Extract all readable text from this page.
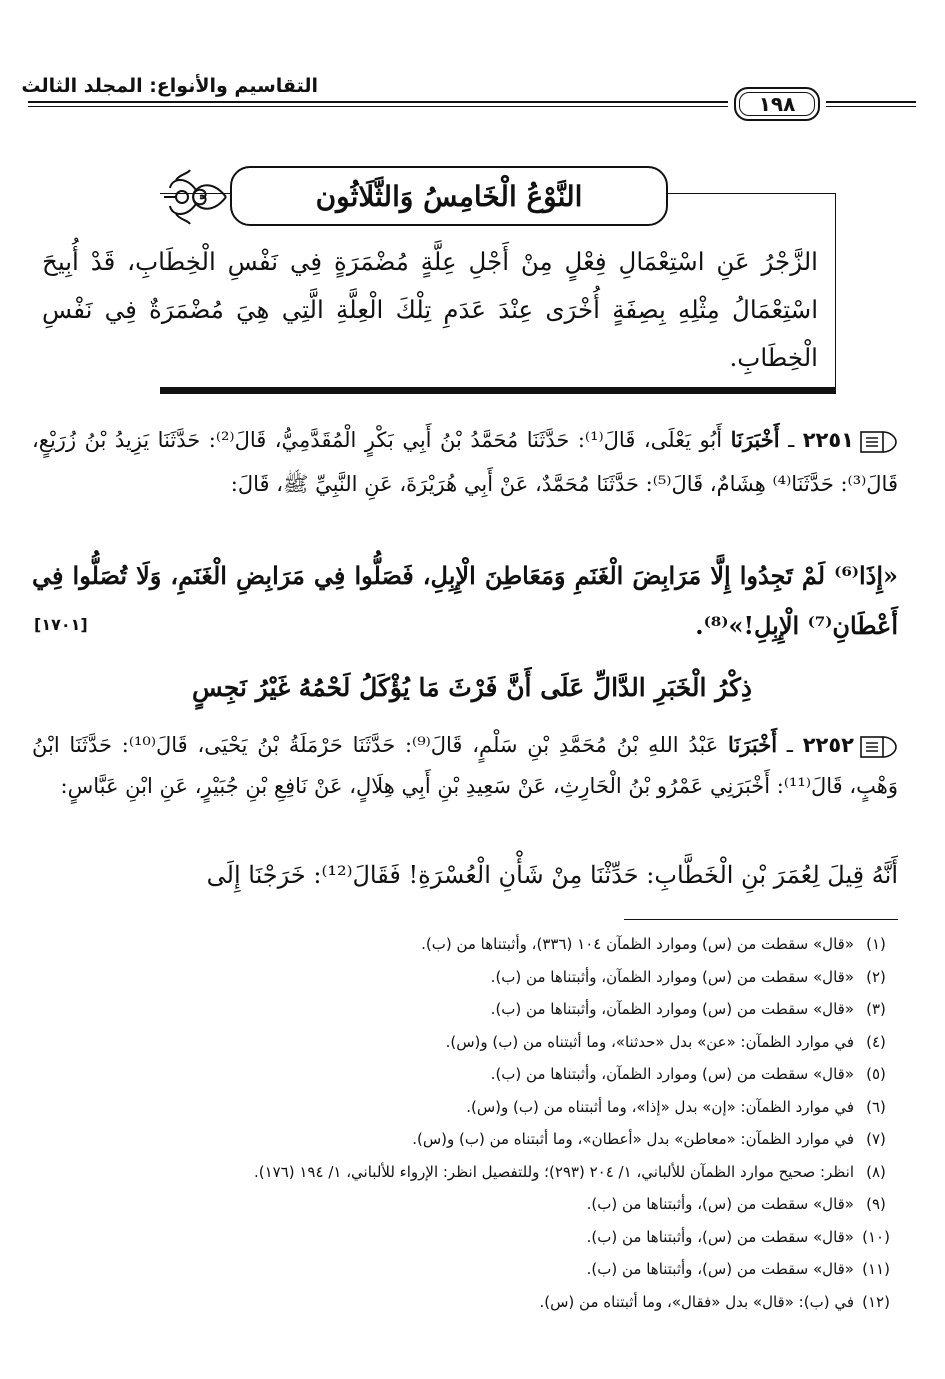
التقاسيم والأنواع: المجلد الثالث
١٩٨
النَّوْعُ الْخَامِسُ وَالثَّلَاثُون
الزَّجْرُ عَنِ اسْتِعْمَالِ فِعْلٍ مِنْ أَجْلِ عِلَّةٍ مُضْمَرَةٍ فِي نَفْسِ الْخِطَابِ، قَدْ أُبِيحَ اسْتِعْمَالُ مِثْلِهِ بِصِفَةٍ أُخْرَى عِنْدَ عَدَمِ تِلْكَ الْعِلَّةِ الَّتِي هِيَ مُضْمَرَةٌ فِي نَفْسِ الْخِطَابِ.
٢٢٥١ ـ أَخْبَرَنَا أَبُو يَعْلَى، قَالَ⁽¹⁾: حَدَّثَنَا مُحَمَّدُ بْنُ أَبِي بَكْرٍ الْمُقَدَّمِيُّ، قَالَ⁽²⁾: حَدَّثَنَا يَزِيدُ بْنُ زُرَيْعٍ، قَالَ⁽³⁾: حَدَّثَنَا⁽⁴⁾ هِشَامٌ، قَالَ⁽⁵⁾: حَدَّثَنَا مُحَمَّدٌ، عَنْ أَبِي هُرَيْرَةَ، عَنِ النَّبِيِّ ﷺ، قَالَ:
«إِذَا⁽⁶⁾ لَمْ تَجِدُوا إِلَّا مَرَابِضَ الْغَنَمِ وَمَعَاطِنَ الْإِبِلِ، فَصَلُّوا فِي مَرَابِضِ الْغَنَمِ، وَلَا تُصَلُّوا فِي أَعْطَانِ⁽⁷⁾ الْإِبِلِ!»⁽⁸⁾.
[١٧٠١]
ذِكْرُ الْخَبَرِ الدَّالِّ عَلَى أَنَّ فَرْثَ مَا يُؤْكَلُ لَحْمُهُ غَيْرُ نَجِسٍ
٢٢٥٢ ـ أَخْبَرَنَا عَبْدُ اللهِ بْنُ مُحَمَّدِ بْنِ سَلْمٍ، قَالَ⁽⁹⁾: حَدَّثَنَا حَرْمَلَةُ بْنُ يَحْيَى، قَالَ⁽¹⁰⁾: حَدَّثَنَا ابْنُ وَهْبٍ، قَالَ⁽¹¹⁾: أَخْبَرَنِي عَمْرُو بْنُ الْحَارِثِ، عَنْ سَعِيدِ بْنِ أَبِي هِلَالٍ، عَنْ نَافِعِ بْنِ جُبَيْرٍ، عَنِ ابْنِ عَبَّاسٍ:
أَنَّهُ قِيلَ لِعُمَرَ بْنِ الْخَطَّابِ: حَدِّثْنَا مِنْ شَأْنِ الْعُسْرَةِ! فَقَالَ⁽¹²⁾: خَرَجْنَا إِلَى
(١)
«قال» سقطت من (س) وموارد الظمآن ١٠٤ (٣٣٦)، وأثبتناها من (ب).
(٢)
«قال» سقطت من (س) وموارد الظمآن، وأثبتناها من (ب).
(٣)
«قال» سقطت من (س) وموارد الظمآن، وأثبتناها من (ب).
(٤)
في موارد الظمآن: «عن» بدل «حدثنا»، وما أثبتناه من (ب) و(س).
(٥)
«قال» سقطت من (س) وموارد الظمآن، وأثبتناها من (ب).
(٦)
في موارد الظمآن: «إن» بدل «إذا»، وما أثبتناه من (ب) و(س).
(٧)
في موارد الظمآن: «معاطن» بدل «أعطان»، وما أثبتناه من (ب) و(س).
(٨)
انظر: صحيح موارد الظمآن للألباني، ١/ ٢٠٤ (٢٩٣)؛ وللتفصيل انظر: الإرواء للألباني، ١/ ١٩٤ (١٧٦).
(٩)
«قال» سقطت من (س)، وأثبتناها من (ب).
(١٠)
«قال» سقطت من (س)، وأثبتناها من (ب).
(١١)
«قال» سقطت من (س)، وأثبتناها من (ب).
(١٢)
في (ب): «قال» بدل «فقال»، وما أثبتناه من (س).
